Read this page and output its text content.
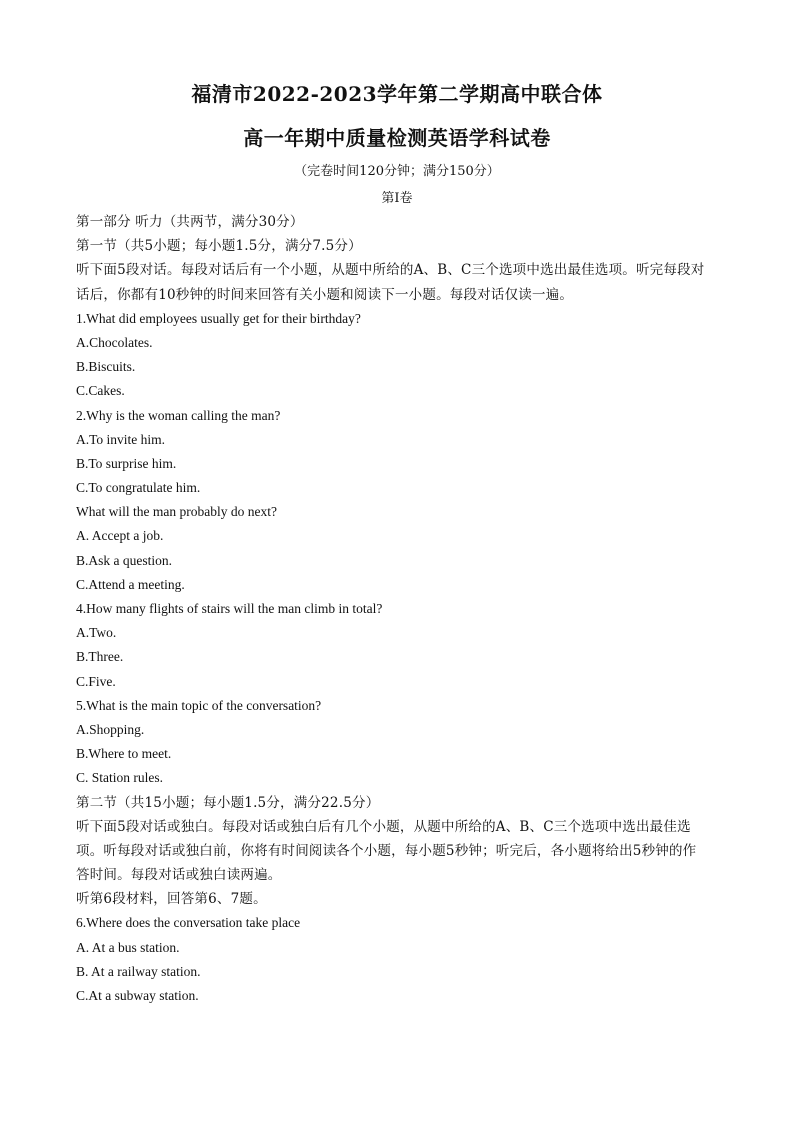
福清市2022-2023学年第二学期高中联合体
高一年期中质量检测英语学科试卷
（完卷时间120分钟；满分150分）
第Ⅰ卷
第一部分 听力（共两节，满分30分）
第一节（共5小题；每小题1.5分，满分7.5分）
听下面5段对话。每段对话后有一个小题，从题中所给的A、B、C三个选项中选出最佳选项。听完每段对
话后，你都有10秒钟的时间来回答有关小题和阅读下一小题。每段对话仅读一遍。
1.What did employees usually get for their birthday?
A.Chocolates.
B.Biscuits.
C.Cakes.
2.Why is the woman calling the man?
A.To invite him.
B.To surprise him.
C.To congratulate him.
What will the man probably do next?
A. Accept a job.
B.Ask a question.
C.Attend a meeting.
4.How many flights of stairs will the man climb in total?
A.Two.
B.Three.
C.Five.
5.What is the main topic of the conversation?
A.Shopping.
B.Where to meet.
C. Station rules.
第二节（共15小题；每小题1.5分，满分22.5分）
听下面5段对话或独白。每段对话或独白后有几个小题，从题中所给的A、B、C三个选项中选出最佳选
项。听每段对话或独白前，你将有时间阅读各个小题，每小题5秒钟；听完后，各小题将给出5秒钟的作
答时间。每段对话或独白读两遍。
听第6段材料，回答第6、7题。
6.Where does the conversation take place
A. At a bus station.
B. At a railway station.
C.At a subway station.
